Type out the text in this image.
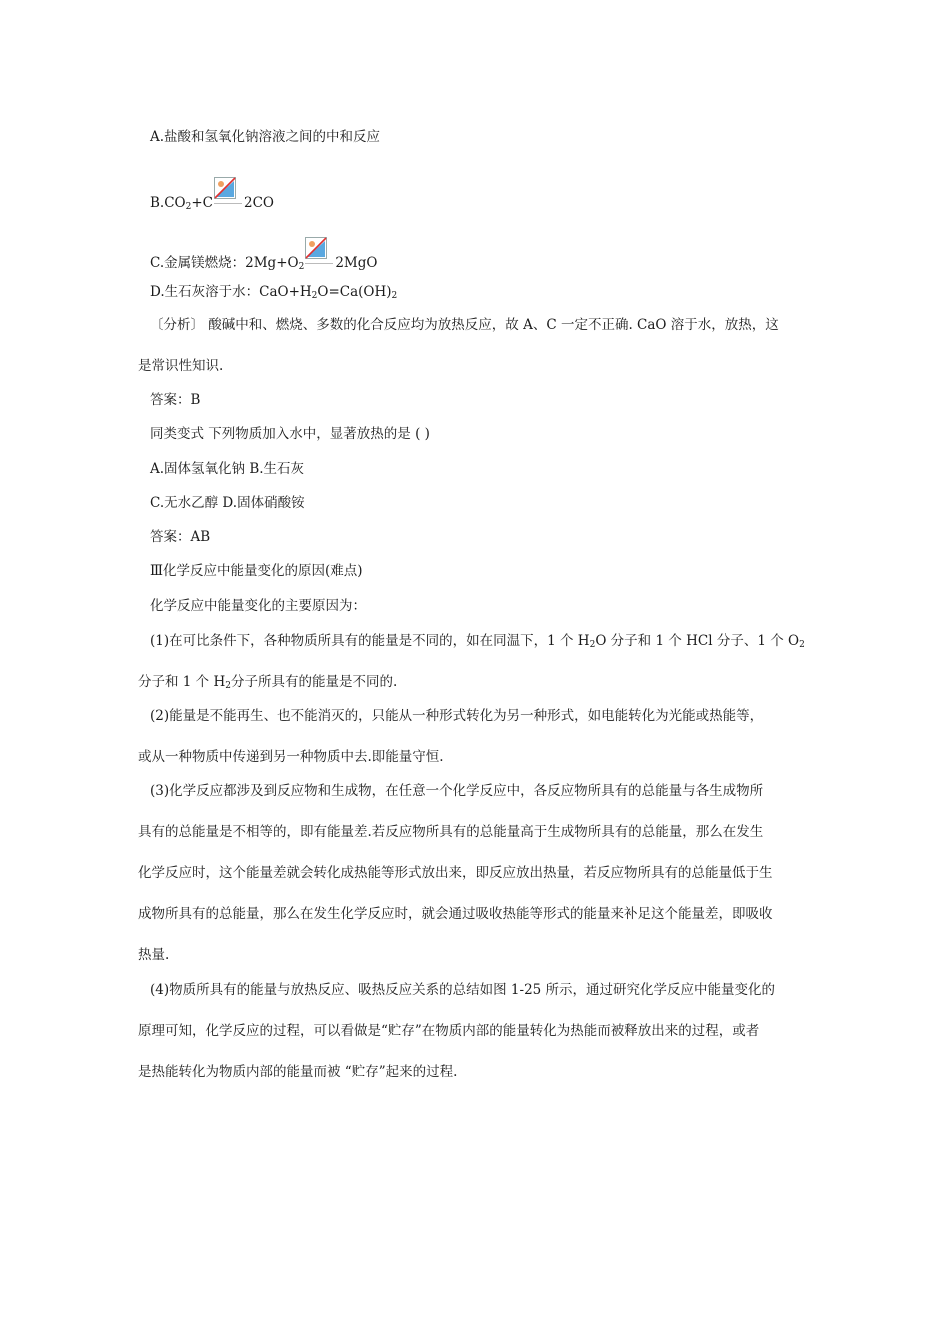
A.盐酸和氢氧化钠溶液之间的中和反应
$B.CO_2+C$ 2CO
C.金属镁燃烧：$2Mg+O_2$ 2MgO
D.生石灰溶于水：$CaO+H_2O=Ca(OH)_2$
〔分析〕 酸碱中和、燃烧、多数的化合反应均为放热反应，故 A、C 一定不正确. CaO 溶于水，放热，这
是常识性知识.
答案：B
同类变式 下列物质加入水中，显著放热的是 ( )
A.固体氢氧化钠 B.生石灰
C.无水乙醇 D.固体硝酸铵
答案：AB
Ⅲ化学反应中能量变化的原因(难点)
化学反应中能量变化的主要原因为：
(1)在可比条件下，各种物质所具有的能量是不同的，如在同温下，1 个 $H_2O$ 分子和 1 个 HCl 分子、1 个 $O_2$
分子和 1 个 $H_2$分子所具有的能量是不同的.
(2)能量是不能再生、也不能消灭的，只能从一种形式转化为另一种形式，如电能转化为光能或热能等，
或从一种物质中传递到另一种物质中去.即能量守恒.
(3)化学反应都涉及到反应物和生成物，在任意一个化学反应中，各反应物所具有的总能量与各生成物所
具有的总能量是不相等的，即有能量差.若反应物所具有的总能量高于生成物所具有的总能量，那么在发生
化学反应时，这个能量差就会转化成热能等形式放出来，即反应放出热量，若反应物所具有的总能量低于生
成物所具有的总能量，那么在发生化学反应时，就会通过吸收热能等形式的能量来补足这个能量差，即吸收
热量.
(4)物质所具有的能量与放热反应、吸热反应关系的总结如图 1-25 所示，通过研究化学反应中能量变化的
原理可知，化学反应的过程，可以看做是“贮存”在物质内部的能量转化为热能而被释放出来的过程，或者
是热能转化为物质内部的能量而被 “贮存”起来的过程.
